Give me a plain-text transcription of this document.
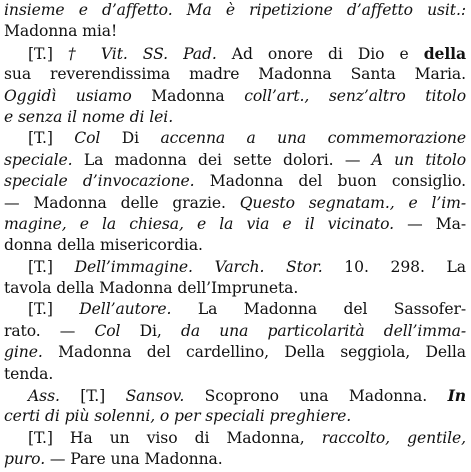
insieme e d’affetto. Ma è ripetizione d’affetto usit.:
Madonna mia!
[T.] † Vit. SS. Pad. Ad onore di Dio e della
sua reverendissima madre Madonna Santa Maria.
Oggidì usiamo Madonna coll’art., senz’altro titolo
e senza il nome di lei.
[T.] Col Di accenna a una commemorazione
speciale. La madonna dei sette dolori. — A un titolo
speciale d’invocazione. Madonna del buon consiglio.
— Madonna delle grazie. Questo segnatam., e l’im-
magine, e la chiesa, e la via e il vicinato. — Ma-
donna della misericordia.
[T.] Dell’immagine. Varch. Stor. 10. 298. La
tavola della Madonna dell’Impruneta.
[T.] Dell’autore. La Madonna del Sassofer-
rato. — Col Di, da una particolarità dell’imma-
gine. Madonna del cardellino, Della seggiola, Della
tenda.
Ass. [T.] Sansov. Scoprono una Madonna. In
certi di più solenni, o per speciali preghiere.
[T.] Ha un viso di Madonna, raccolto, gentile,
puro. — Pare una Madonna.
